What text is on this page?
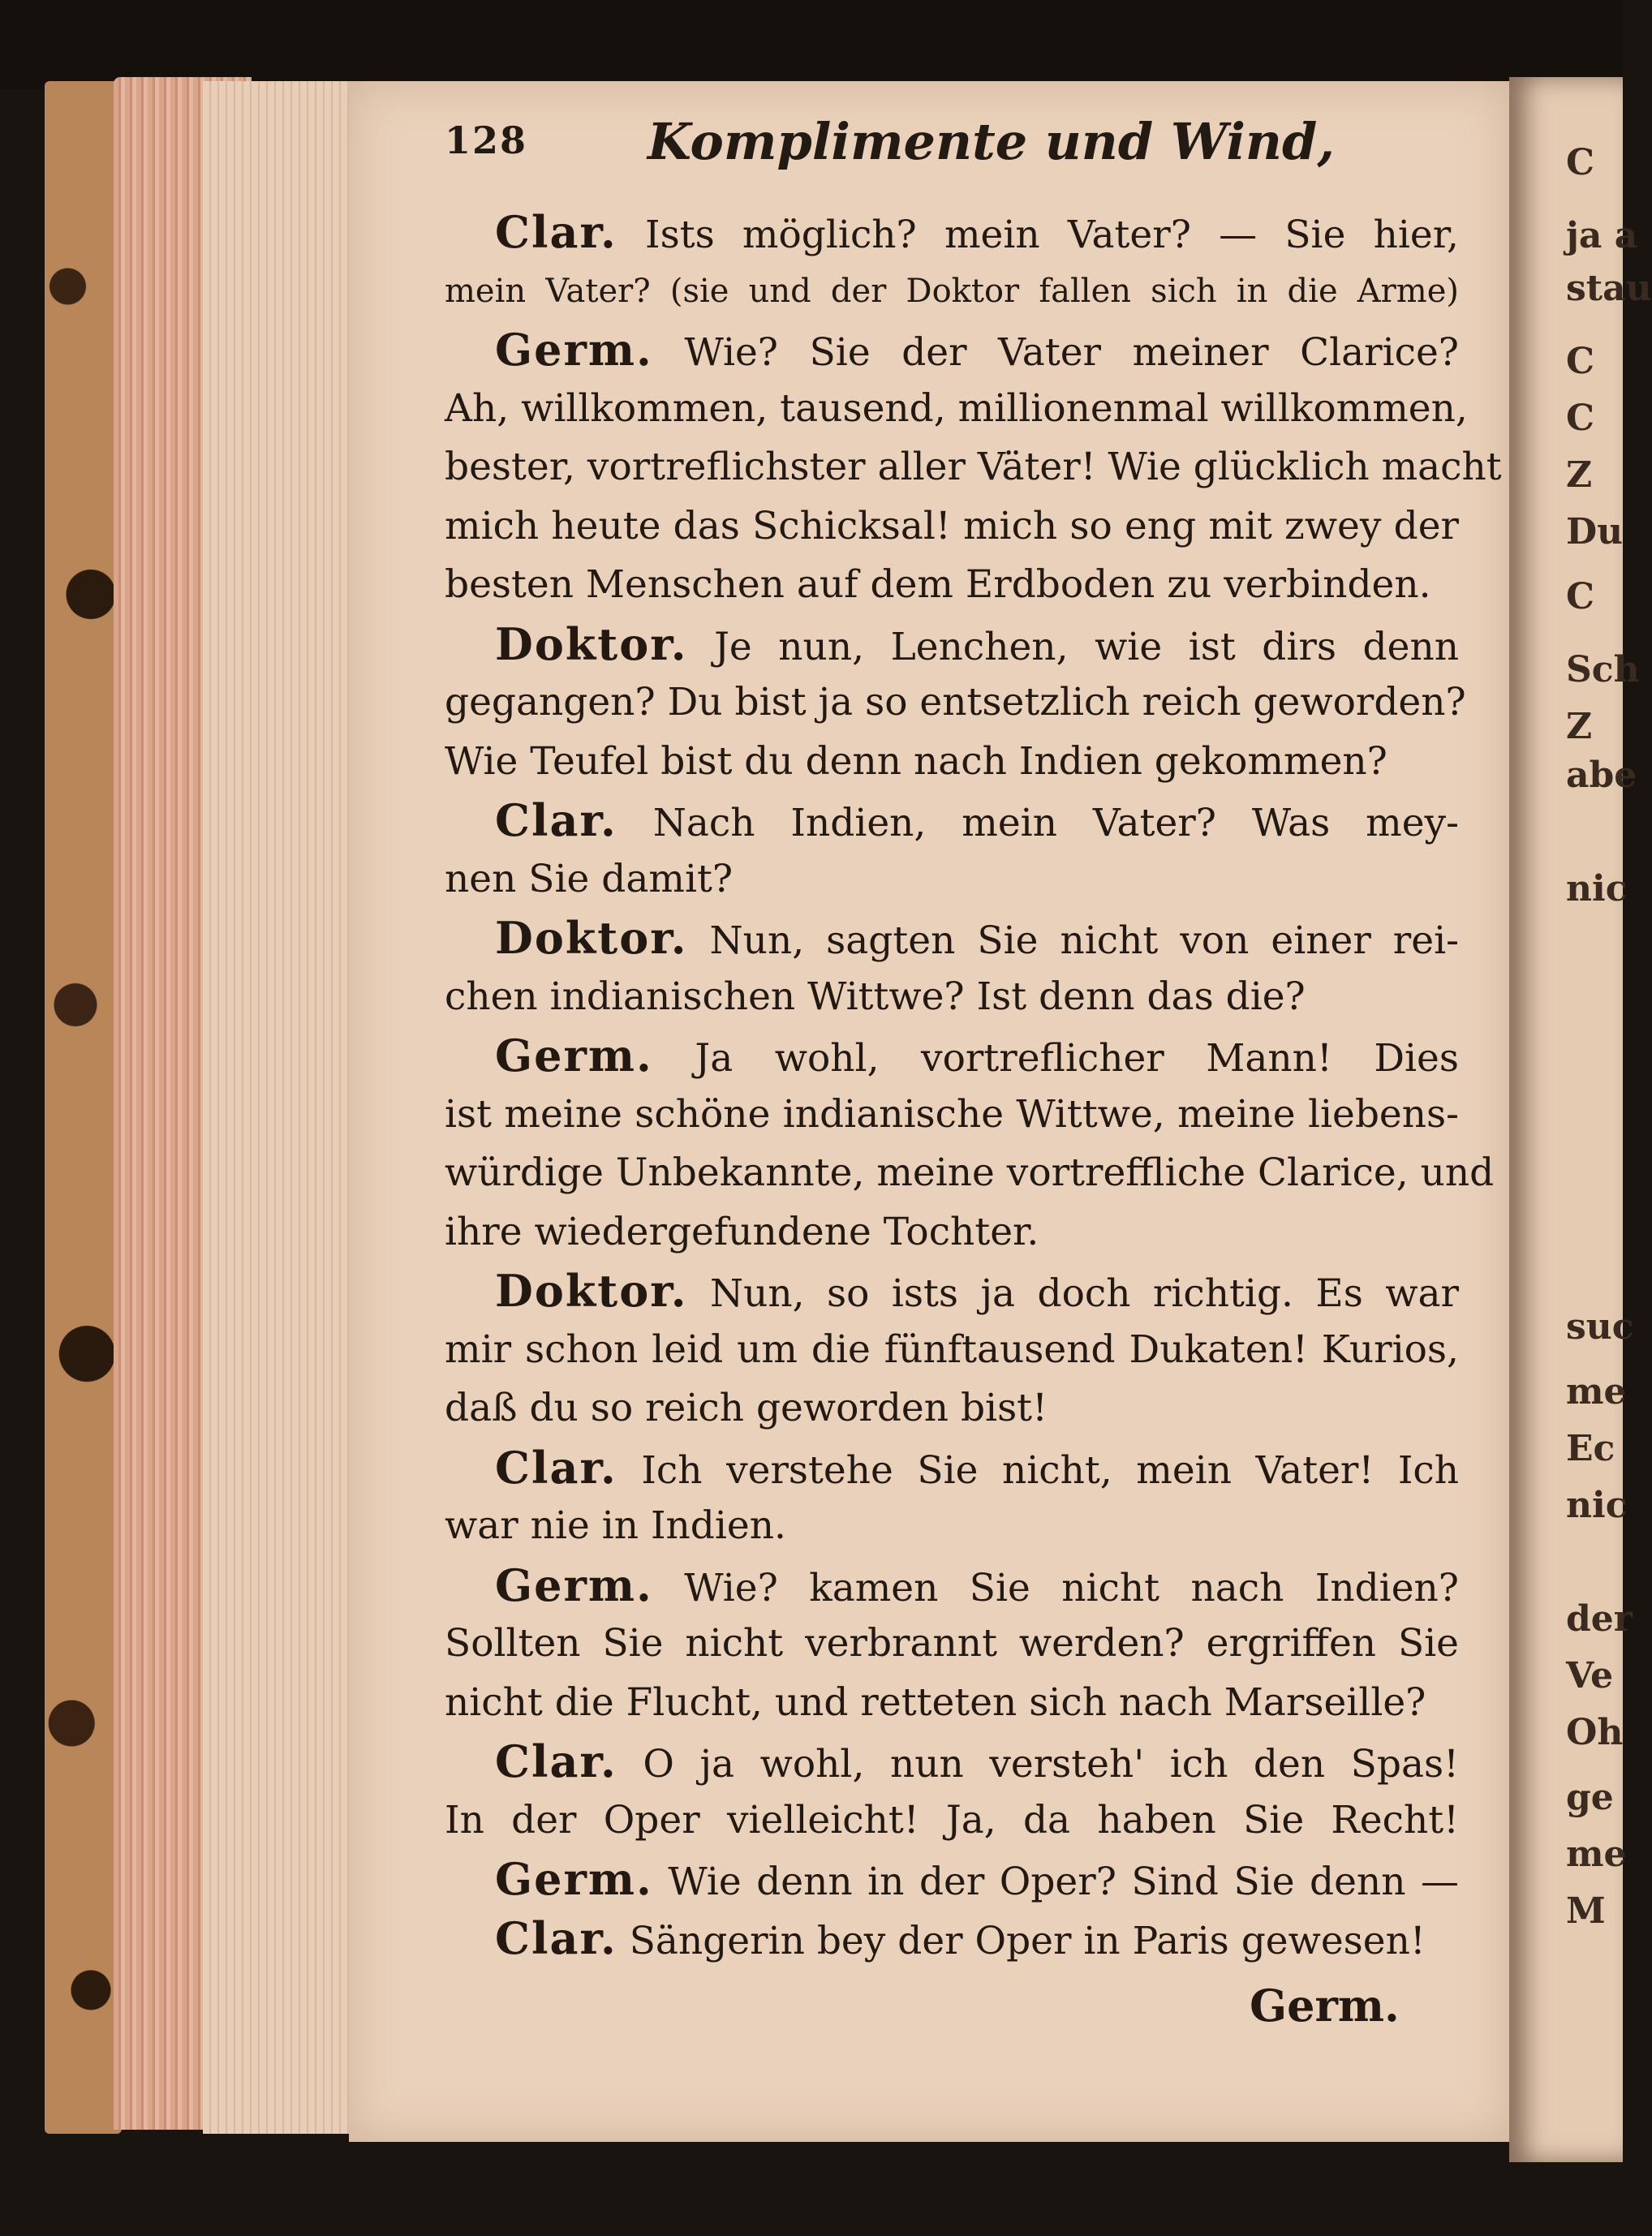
128 Komplimente und Wind,
Clar. Ists möglich? mein Vater? — Sie hier,
mein Vater? (sie und der Doktor fallen sich in die Arme)
Germ. Wie? Sie der Vater meiner Clarice?
Ah, willkommen, tausend, millionenmal willkommen,
bester, vortreflichster aller Väter! Wie glücklich macht
mich heute das Schicksal! mich so eng mit zwey der
besten Menschen auf dem Erdboden zu verbinden.
Doktor. Je nun, Lenchen, wie ist dirs denn
gegangen? Du bist ja so entsetzlich reich geworden?
Wie Teufel bist du denn nach Indien gekommen?
Clar. Nach Indien, mein Vater? Was mey-
nen Sie damit?
Doktor. Nun, sagten Sie nicht von einer rei-
chen indianischen Wittwe? Ist denn das die?
Germ. Ja wohl, vortreflicher Mann! Dies
ist meine schöne indianische Wittwe, meine liebens-
würdige Unbekannte, meine vortreffliche Clarice, und
ihre wiedergefundene Tochter.
Doktor. Nun, so ists ja doch richtig. Es war
mir schon leid um die fünftausend Dukaten! Kurios,
daß du so reich geworden bist!
Clar. Ich verstehe Sie nicht, mein Vater! Ich
war nie in Indien.
Germ. Wie? kamen Sie nicht nach Indien?
Sollten Sie nicht verbrannt werden? ergriffen Sie
nicht die Flucht, und retteten sich nach Marseille?
Clar. O ja wohl, nun versteh' ich den Spas!
In der Oper vielleicht! Ja, da haben Sie Recht!
Germ. Wie denn in der Oper? Sind Sie denn —
Clar. Sängerin bey der Oper in Paris gewesen!
Germ.
C
ja a
stau
C
C
Z
Du
C
Sch
Z
abe
nic
suc
me
Ec
nic
der
Ve
Oh
ge
me
M
